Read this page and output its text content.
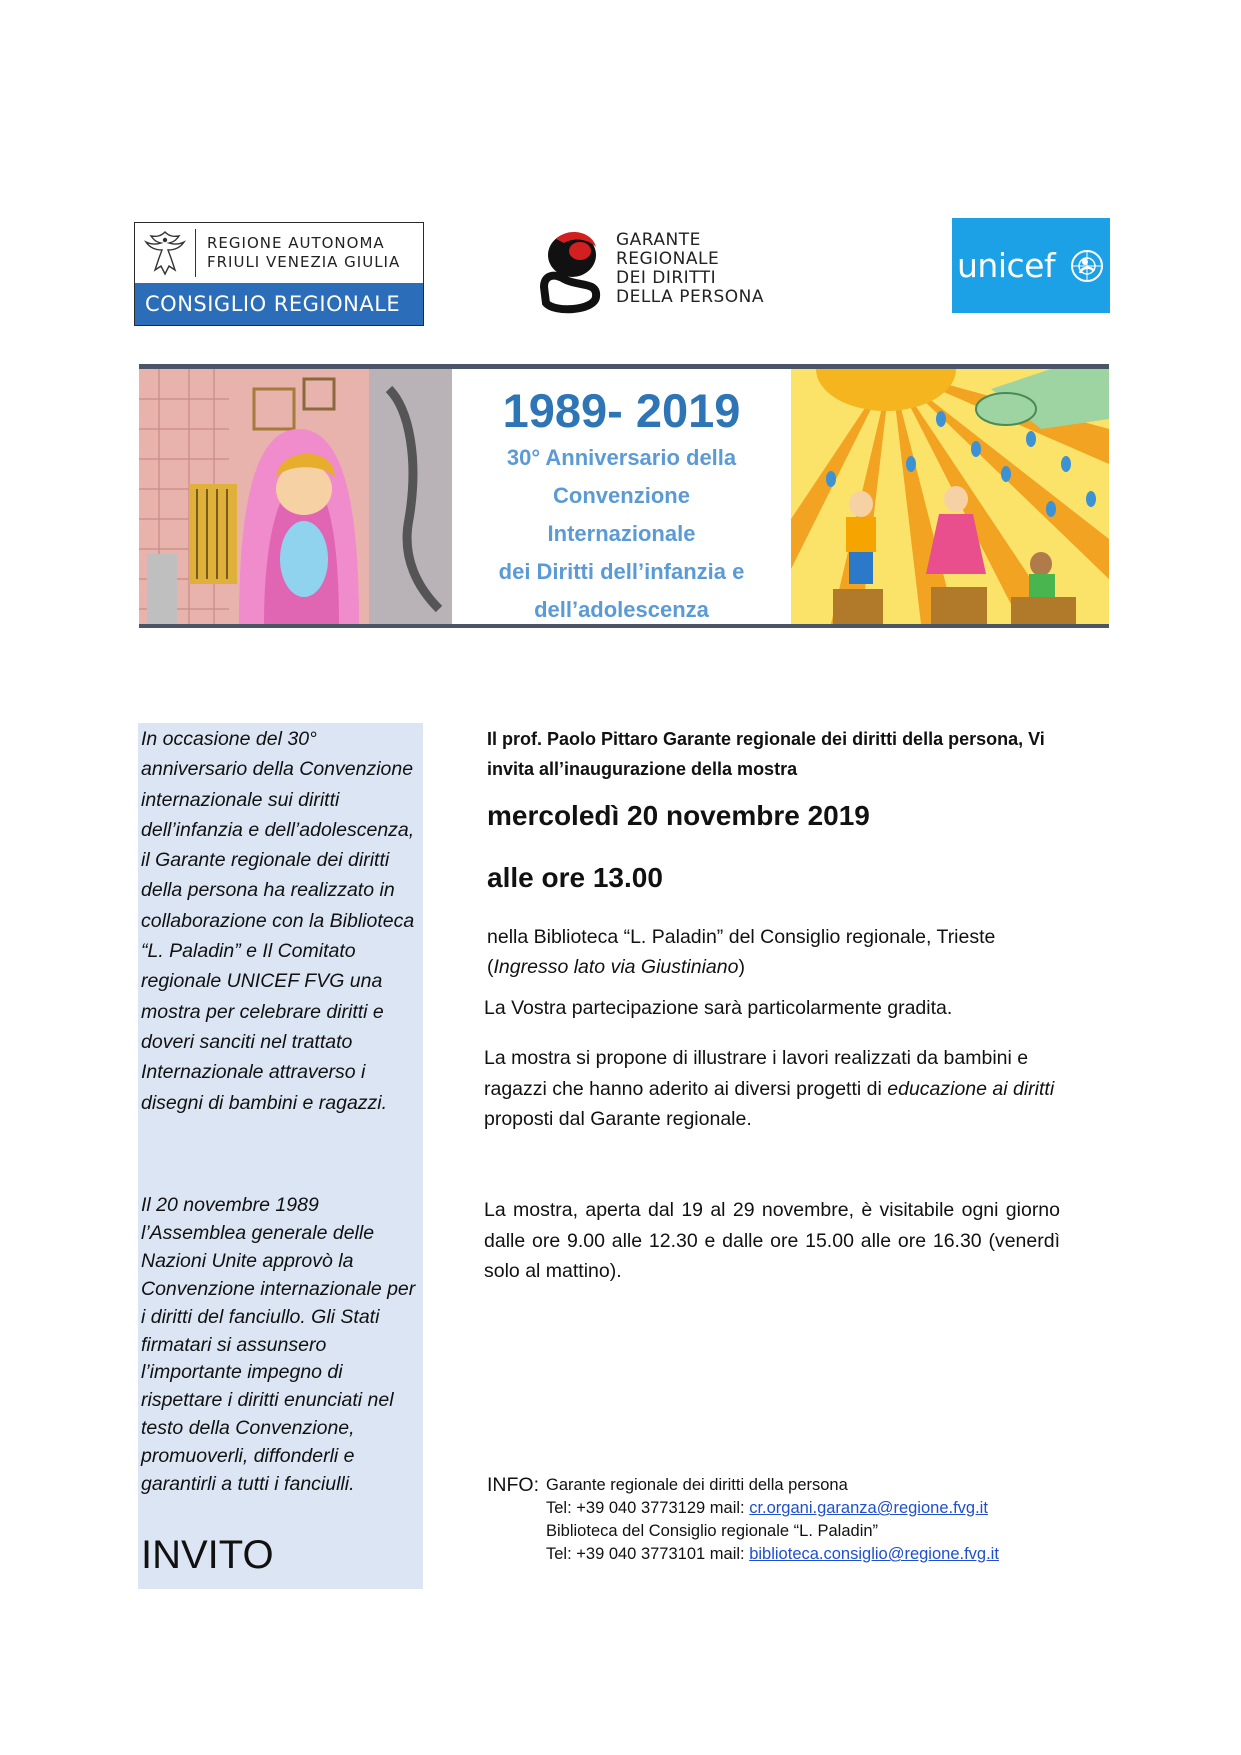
REGIONE AUTONOMA
FRIULI VENEZIA GIULIA
CONSIGLIO REGIONALE
GARANTE
REGIONALE
DEI DIRITTI
DELLA PERSONA
unicef
1989- 2019
30° Anniversario della
Convenzione
Internazionale
dei Diritti dell’infanzia e
dell’adolescenza

In occasione del 30° anniversario della Convenzione internazionale sui diritti dell’infanzia e dell’adolescenza, il Garante regionale dei diritti della persona ha realizzato in collaborazione con la Biblioteca “L. Paladin” e Il Comitato regionale UNICEF FVG una mostra per celebrare diritti e doveri sanciti nel trattato Internazionale attraverso i disegni di bambini e ragazzi.

Il 20 novembre 1989 l’Assemblea generale delle Nazioni Unite approvò la Convenzione internazionale per i diritti del fanciullo. Gli Stati firmatari si assunsero l’importante impegno di rispettare i diritti enunciati nel testo della Convenzione, promuoverli, diffonderli e garantirli a tutti i fanciulli.

INVITO

Il prof. Paolo Pittaro Garante regionale dei diritti della persona, Vi invita all’inaugurazione della mostra

mercoledì 20 novembre 2019
alle ore 13.00

nella Biblioteca “L. Paladin” del Consiglio regionale, Trieste
(Ingresso lato via Giustiniano)

La Vostra partecipazione sarà particolarmente gradita.

La mostra si propone di illustrare i lavori realizzati da bambini e ragazzi che hanno aderito ai diversi progetti di educazione ai diritti proposti dal Garante regionale.

La mostra, aperta dal 19 al 29 novembre, è visitabile ogni giorno dalle ore 9.00 alle 12.30 e dalle ore 15.00 alle ore 16.30 (venerdì solo al mattino).

INFO: Garante regionale dei diritti della persona
Tel: +39 040 3773129 mail: cr.organi.garanza@regione.fvg.it
Biblioteca del Consiglio regionale “L. Paladin”
Tel: +39 040 3773101 mail: biblioteca.consiglio@regione.fvg.it
